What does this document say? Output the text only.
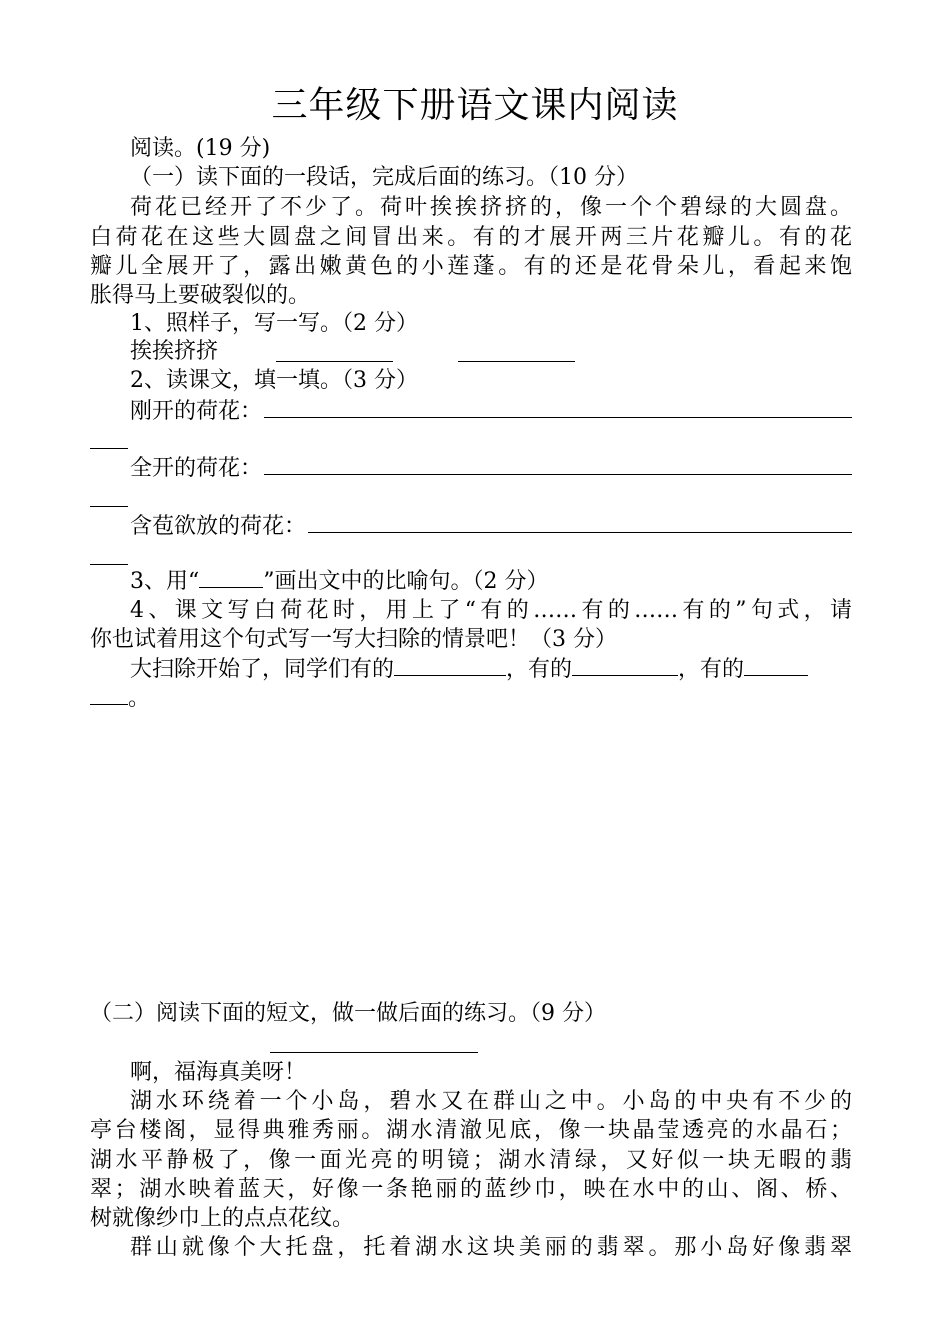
三年级下册语文课内阅读
阅读。(19 分)
（一）读下面的一段话，完成后面的练习。（10 分）
荷花已经开了不少了。荷叶挨挨挤挤的，像一个个碧绿的大圆盘。
白荷花在这些大圆盘之间冒出来。有的才展开两三片花瓣儿。有的花
瓣儿全展开了，露出嫩黄色的小莲蓬。有的还是花骨朵儿，看起来饱
胀得马上要破裂似的。
1、照样子，写一写。（2 分）
挨挨挤挤
2、读课文，填一填。（3 分）
刚开的荷花：
全开的荷花：
含苞欲放的荷花：
3、用“	”画出文中的比喻句。（2 分）
4、课文写白荷花时，用上了“有的……有的……有的”句式，请
你也试着用这个句式写一写大扫除的情景吧！（3 分）
大扫除开始了，同学们有的	，有的	，有的
。
（二）阅读下面的短文，做一做后面的练习。（9 分）
啊，福海真美呀！
湖水环绕着一个小岛，碧水又在群山之中。小岛的中央有不少的
亭台楼阁，显得典雅秀丽。湖水清澈见底，像一块晶莹透亮的水晶石；
湖水平静极了，像一面光亮的明镜；湖水清绿，又好似一块无暇的翡
翠；湖水映着蓝天，好像一条艳丽的蓝纱巾，映在水中的山、阁、桥、
树就像纱巾上的点点花纹。
群山就像个大托盘，托着湖水这块美丽的翡翠。那小岛好像翡翠
